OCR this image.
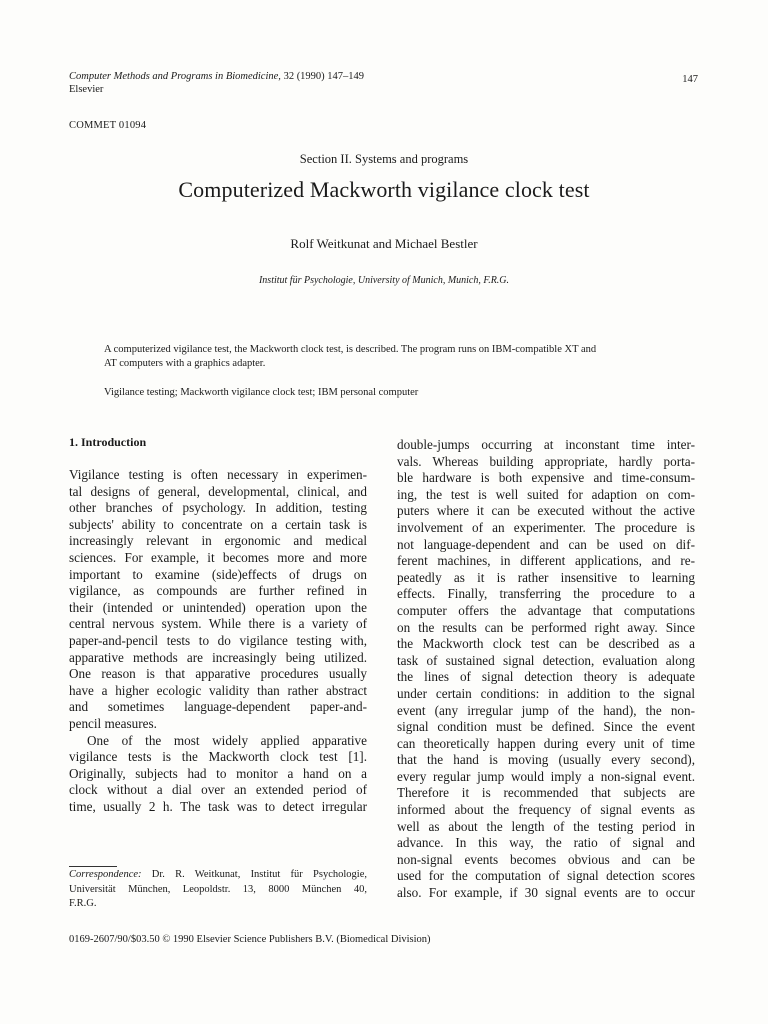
Computer Methods and Programs in Biomedicine, 32 (1990) 147–149

Elsevier

147

COMMET 01094

Section II. Systems and programs

Computerized Mackworth vigilance clock test

Rolf Weitkunat and Michael Bestler

Institut für Psychologie, University of Munich, Munich, F.R.G.

A computerized vigilance test, the Mackworth clock test, is described. The program runs on IBM-compatible XT and
AT computers with a graphics adapter.

Vigilance testing; Mackworth vigilance clock test; IBM personal computer

1. Introduction
Vigilance testing is often necessary in experimen-
tal designs of general, developmental, clinical, and
other branches of psychology. In addition, testing
subjects' ability to concentrate on a certain task is
increasingly relevant in ergonomic and medical
sciences. For example, it becomes more and more
important to examine (side)effects of drugs on
vigilance, as compounds are further refined in
their (intended or unintended) operation upon the
central nervous system. While there is a variety of
paper-and-pencil tests to do vigilance testing with,
apparative methods are increasingly being utilized.
One reason is that apparative procedures usually
have a higher ecologic validity than rather abstract
and sometimes language-dependent paper-and-
pencil measures.
One of the most widely applied apparative
vigilance tests is the Mackworth clock test [1].
Originally, subjects had to monitor a hand on a
clock without a dial over an extended period of
time, usually 2 h. The task was to detect irregular
double-jumps occurring at inconstant time inter-
vals. Whereas building appropriate, hardly porta-
ble hardware is both expensive and time-consum-
ing, the test is well suited for adaption on com-
puters where it can be executed without the active
involvement of an experimenter. The procedure is
not language-dependent and can be used on dif-
ferent machines, in different applications, and re-
peatedly as it is rather insensitive to learning
effects. Finally, transferring the procedure to a
computer offers the advantage that computations
on the results can be performed right away. Since
the Mackworth clock test can be described as a
task of sustained signal detection, evaluation along
the lines of signal detection theory is adequate
under certain conditions: in addition to the signal
event (any irregular jump of the hand), the non-
signal condition must be defined. Since the event
can theoretically happen during every unit of time
that the hand is moving (usually every second),
every regular jump would imply a non-signal event.
Therefore it is recommended that subjects are
informed about the frequency of signal events as
well as about the length of the testing period in
advance. In this way, the ratio of signal and
non-signal events becomes obvious and can be
used for the computation of signal detection scores
also. For example, if 30 signal events are to occur
Correspondence: Dr. R. Weitkunat, Institut für Psychologie,
Universität München, Leopoldstr. 13, 8000 München 40,
F.R.G.

0169-2607/90/$03.50 © 1990 Elsevier Science Publishers B.V. (Biomedical Division)
